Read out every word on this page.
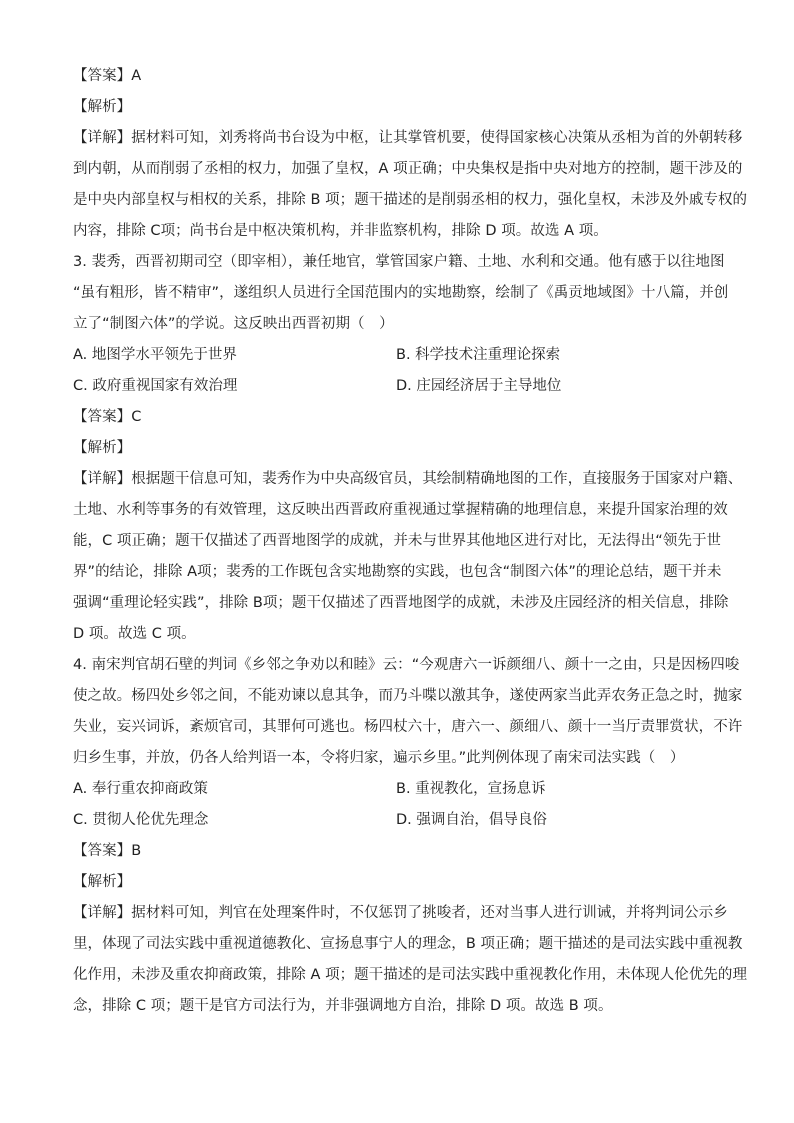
【答案】A
【解析】
【详解】据材料可知，刘秀将尚书台设为中枢，让其掌管机要，使得国家核心决策从丞相为首的外朝转移
到内朝，从而削弱了丞相的权力，加强了皇权，A 项正确；中央集权是指中央对地方的控制，题干涉及的
是中央内部皇权与相权的关系，排除 B 项；题干描述的是削弱丞相的权力，强化皇权，未涉及外戚专权的
内容，排除 C项；尚书台是中枢决策机构，并非监察机构，排除 D 项。故选 A 项。
3. 裴秀，西晋初期司空（即宰相），兼任地官，掌管国家户籍、土地、水利和交通。他有感于以往地图
“虽有粗形，皆不精审”，遂组织人员进行全国范围内的实地勘察，绘制了《禹贡地域图》十八篇，并创
立了“制图六体”的学说。这反映出西晋初期（　）
A. 地图学水平领先于世界	B. 科学技术注重理论探索
C. 政府重视国家有效治理	D. 庄园经济居于主导地位
【答案】C
【解析】
【详解】根据题干信息可知，裴秀作为中央高级官员，其绘制精确地图的工作，直接服务于国家对户籍、
土地、水利等事务的有效管理，这反映出西晋政府重视通过掌握精确的地理信息，来提升国家治理的效
能，C 项正确；题干仅描述了西晋地图学的成就，并未与世界其他地区进行对比，无法得出“领先于世
界”的结论，排除 A项；裴秀的工作既包含实地勘察的实践，也包含“制图六体”的理论总结，题干并未
强调“重理论轻实践”，排除 B项；题干仅描述了西晋地图学的成就，未涉及庄园经济的相关信息，排除
D 项。故选 C 项。
4. 南宋判官胡石壁的判词《乡邻之争劝以和睦》云：“今观唐六一诉颜细八、颜十一之由，只是因杨四唆
使之故。杨四处乡邻之间，不能劝谏以息其争，而乃斗喋以激其争，遂使两家当此弄农务正急之时，抛家
失业，妄兴词诉，紊烦官司，其罪何可逃也。杨四杖六十，唐六一、颜细八、颜十一当厅责罪赏状，不许
归乡生事，并放，仍各人给判语一本，令将归家，遍示乡里。”此判例体现了南宋司法实践（　）
A. 奉行重农抑商政策	B. 重视教化，宣扬息诉
C. 贯彻人伦优先理念	D. 强调自治，倡导良俗
【答案】B
【解析】
【详解】据材料可知，判官在处理案件时，不仅惩罚了挑唆者，还对当事人进行训诫，并将判词公示乡
里，体现了司法实践中重视道德教化、宣扬息事宁人的理念，B 项正确；题干描述的是司法实践中重视教
化作用，未涉及重农抑商政策，排除 A 项；题干描述的是司法实践中重视教化作用，未体现人伦优先的理
念，排除 C 项；题干是官方司法行为，并非强调地方自治，排除 D 项。故选 B 项。
